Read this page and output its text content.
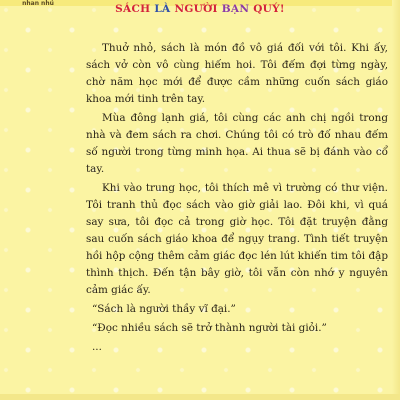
nhan nhú	SÁCH LÀ NGƯỜI BẠN QUÝ!

Thuở nhỏ, sách là món đồ vô giá đối với tôi. Khi ấy, sách vở còn vô cùng hiếm hoi. Tôi đếm đợi từng ngày, chờ năm học mới để được cầm những cuốn sách giáo khoa mới tinh trên tay.

Mùa đông lạnh giá, tôi cùng các anh chị ngồi trong nhà và đem sách ra chơi. Chúng tôi có trò đố nhau đếm số người trong từng minh họa. Ai thua sẽ bị đánh vào cổ tay.

Khi vào trung học, tôi thích mê vì trường có thư viện. Tôi tranh thủ đọc sách vào giờ giải lao. Đôi khi, vì quá say sưa, tôi đọc cả trong giờ học. Tôi đặt truyện đằng sau cuốn sách giáo khoa để ngụy trang. Tình tiết truyện hồi hộp cộng thêm cảm giác đọc lén lút khiến tim tôi đập thình thịch. Đến tận bây giờ, tôi vẫn còn nhớ y nguyên cảm giác ấy.

“Sách là người thầy vĩ đại.”

“Đọc nhiều sách sẽ trở thành người tài giỏi.”

...
